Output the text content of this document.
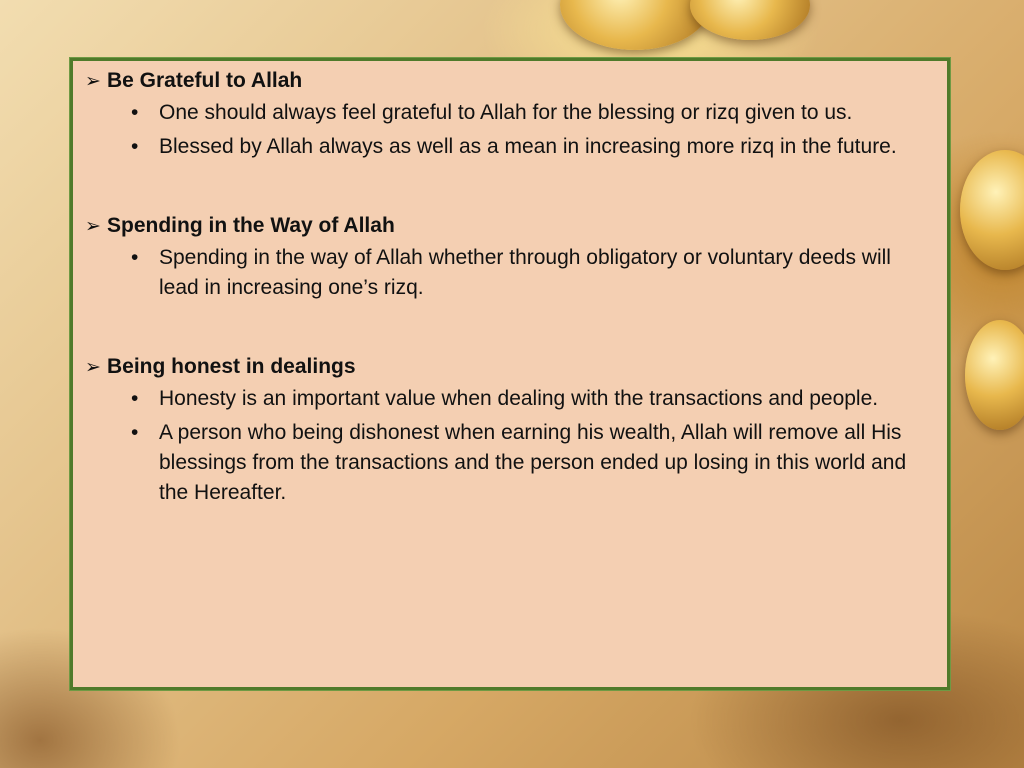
➢ Be Grateful to Allah
• One should always feel grateful to Allah for the blessing or rizq given to us.
• Blessed by Allah always as well as a mean in increasing more rizq in the future.
➢ Spending in the Way of Allah
• Spending in the way of Allah whether through obligatory or voluntary deeds will lead in increasing one’s rizq.
➢ Being honest in dealings
• Honesty is an important value when dealing with the transactions and people.
• A person who being dishonest when earning his wealth, Allah will remove all His blessings from the transactions and the person ended up losing in this world and the Hereafter.
